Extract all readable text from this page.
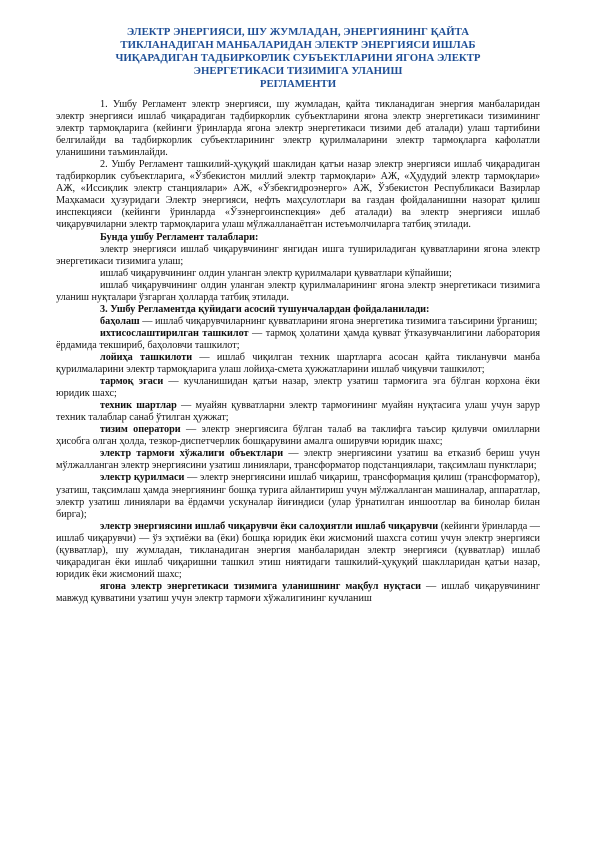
ЭЛЕКТР ЭНЕРГИЯСИ, ШУ ЖУМЛАДАН, ЭНЕРГИЯНИНГ ҚАЙТА
ТИКЛАНАДИГАН МАНБАЛАРИДАН ЭЛЕКТР ЭНЕРГИЯСИ ИШЛАБ
ЧИҚАРАДИГАН ТАДБИРКОРЛИК СУБЪЕКТЛАРИНИ ЯГОНА ЭЛЕКТР
ЭНЕРГЕТИКАСИ ТИЗИМИГА УЛАНИШ
РЕГЛАМЕНТИ

1. Ушбу Регламент электр энергияси, шу жумладан, қайта тикланадиган энергия манбаларидан электр энергияси ишлаб чиқарадиган тадбиркорлик субъектларини ягона электр энергетикаси тизимининг электр тармоқларига (кейинги ўринларда ягона электр энергетикаси тизими деб аталади) улаш тартибини белгилайди ва тадбиркорлик субъектларининг электр қурилмаларини электр тармоқларга кафолатли уланишини таъминлайди.

2. Ушбу Регламент ташкилий-ҳуқуқий шаклидан қатъи назар электр энергияси ишлаб чиқарадиган тадбиркорлик субъектларига, «Ўзбекистон миллий электр тармоқлари» АЖ, «Ҳудудий электр тармоқлари» АЖ, «Иссиқлик электр станциялари» АЖ, «Ўзбекгидроэнерго» АЖ, Ўзбекистон Республикаси Вазирлар Маҳкамаси ҳузуридаги Электр энергияси, нефть маҳсулотлари ва газдан фойдаланишни назорат қилиш инспекцияси (кейинги ўринларда «Ўзэнергоинспекция» деб аталади) ва электр энергияси ишлаб чиқарувчиларни электр тармоқларига улаш мўлжалланаётган истеъмолчиларга татбиқ этилади.

Бунда ушбу Регламент талаблари:

электр энергияси ишлаб чиқарувчининг янгидан ишга тушириладиган қувватларини ягона электр энергетикаси тизимига улаш;

ишлаб чиқарувчининг олдин уланган электр қурилмалари қувватлари кўпайиши;

ишлаб чиқарувчининг олдин уланган электр қурилмаларининг ягона электр энергетикаси тизимига уланиш нуқталари ўзгарган ҳолларда татбиқ этилади.

3. Ушбу Регламентда қуйидаги асосий тушунчалардан фойдаланилади:

баҳолаш — ишлаб чиқарувчиларнинг қувватларини ягона энергетика тизимига таъсирини ўрганиш;

ихтисослаштирилган ташкилот — тармоқ ҳолатини ҳамда қувват ўтказувчанлигини лаборатория ёрдамида текшириб, баҳоловчи ташкилот;

лойиҳа ташкилоти — ишлаб чиқилган техник шартларга асосан қайта тикланувчи манба қурилмаларини электр тармоқларига улаш лойиҳа-смета ҳужжатларини ишлаб чиқувчи ташкилот;

тармоқ эгаси — кучланишидан қатъи назар, электр узатиш тармоғига эга бўлган корхона ёки юридик шахс;

техник шартлар — муайян қувватларни электр тармоғининг муайян нуқтасига улаш учун зарур техник талаблар санаб ўтилган ҳужжат;

тизим оператори — электр энергиясига бўлган талаб ва таклифга таъсир қилувчи омилларни ҳисобга олган ҳолда, тезкор-диспетчерлик бошқарувини амалга оширувчи юридик шахс;

электр тармоғи хўжалиги объектлари — электр энергиясини узатиш ва етказиб бериш учун мўлжалланган электр энергиясини узатиш линиялари, трансформатор подстанциялари, тақсимлаш пунктлари;

электр қурилмаси — электр энергиясини ишлаб чиқариш, трансформация қилиш (трансформатор), узатиш, тақсимлаш ҳамда энергиянинг бошқа турига айлантириш учун мўлжалланган машиналар, аппаратлар, электр узатиш линиялари ва ёрдамчи ускуналар йиғиндиси (улар ўрнатилган иншоотлар ва бинолар билан бирга);

электр энергиясини ишлаб чиқарувчи ёки салоҳиятли ишлаб чиқарувчи (кейинги ўринларда — ишлаб чиқарувчи) — ўз эҳтиёжи ва (ёки) бошқа юридик ёки жисмоний шахсга сотиш учун электр энергияси (қувватлар), шу жумладан, тикланадиган энергия манбаларидан электр энергияси (қувватлар) ишлаб чиқарадиган ёки ишлаб чиқаришни ташкил этиш ниятидаги ташкилий-ҳуқуқий шаклларидан қатъи назар, юридик ёки жисмоний шахс;

ягона электр энергетикаси тизимига уланишнинг мақбул нуқтаси — ишлаб чиқарувчининг мавжуд қувватини узатиш учун электр тармоғи хўжалигининг кучланиш
